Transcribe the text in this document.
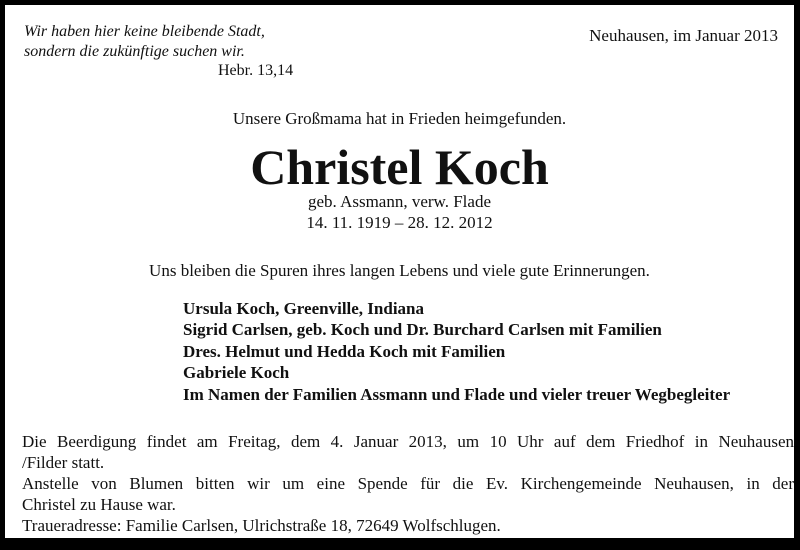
Wir haben hier keine bleibende Stadt,
sondern die zukünftige suchen wir.
Hebr. 13,14
Neuhausen, im Januar 2013
Unsere Großmama hat in Frieden heimgefunden.
Christel Koch
geb. Assmann, verw. Flade
14. 11. 1919 – 28. 12. 2012
Uns bleiben die Spuren ihres langen Lebens und viele gute Erinnerungen.
Ursula Koch, Greenville, Indiana
Sigrid Carlsen, geb. Koch und Dr. Burchard Carlsen mit Familien
Dres. Helmut und Hedda Koch mit Familien
Gabriele Koch
Im Namen der Familien Assmann und Flade und vieler treuer Wegbegleiter
Die Beerdigung findet am Freitag, dem 4. Januar 2013, um 10 Uhr auf dem Friedhof in Neuhausen
/Filder statt.
Anstelle von Blumen bitten wir um eine Spende für die Ev. Kirchengemeinde Neuhausen, in der
Christel zu Hause war.
Traueradresse: Familie Carlsen, Ulrichstraße 18, 72649 Wolfschlugen.
